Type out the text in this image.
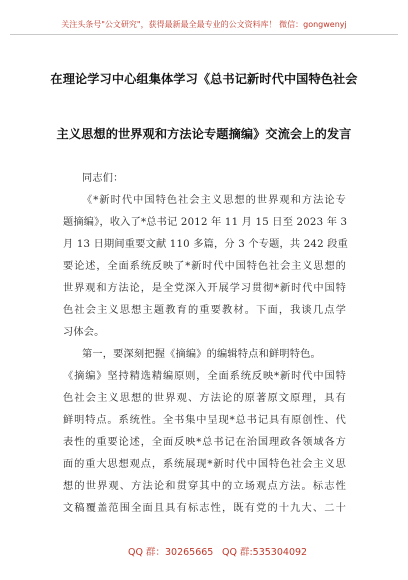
关注头条号"公文研究"，获得最新最全最专业的公文资料库！ 微信：gongwenyj
在理论学习中心组集体学习《总书记新时代中国特色社会
主义思想的世界观和方法论专题摘编》交流会上的发言
同志们：
《*新时代中国特色社会主义思想的世界观和方法论专
题摘编》，收入了*总书记 2012 年 11 月 15 日至 2023 年 3
月 13 日期间重要文献 110 多篇，分 3 个专题，共 242 段重
要论述，全面系统反映了*新时代中国特色社会主义思想的
世界观和方法论，是全党深入开展学习贯彻*新时代中国特
色社会主义思想主题教育的重要教材。下面，我谈几点学
习体会。
第一，要深刻把握《摘编》的编辑特点和鲜明特色。
《摘编》坚持精选精编原则，全面系统反映*新时代中国特
色社会主义思想的世界观、方法论的原著原文原理，具有
鲜明特点。系统性。全书集中呈现*总书记具有原创性、代
表性的重要论述，全面反映*总书记在治国理政各领域各方
面的重大思想观点，系统展现*新时代中国特色社会主义思
想的世界观、方法论和贯穿其中的立场观点方法。标志性
文稿覆盖范围全面且具有标志性，既有党的十九大、二十
QQ 群：30265665 QQ 群:535304092
